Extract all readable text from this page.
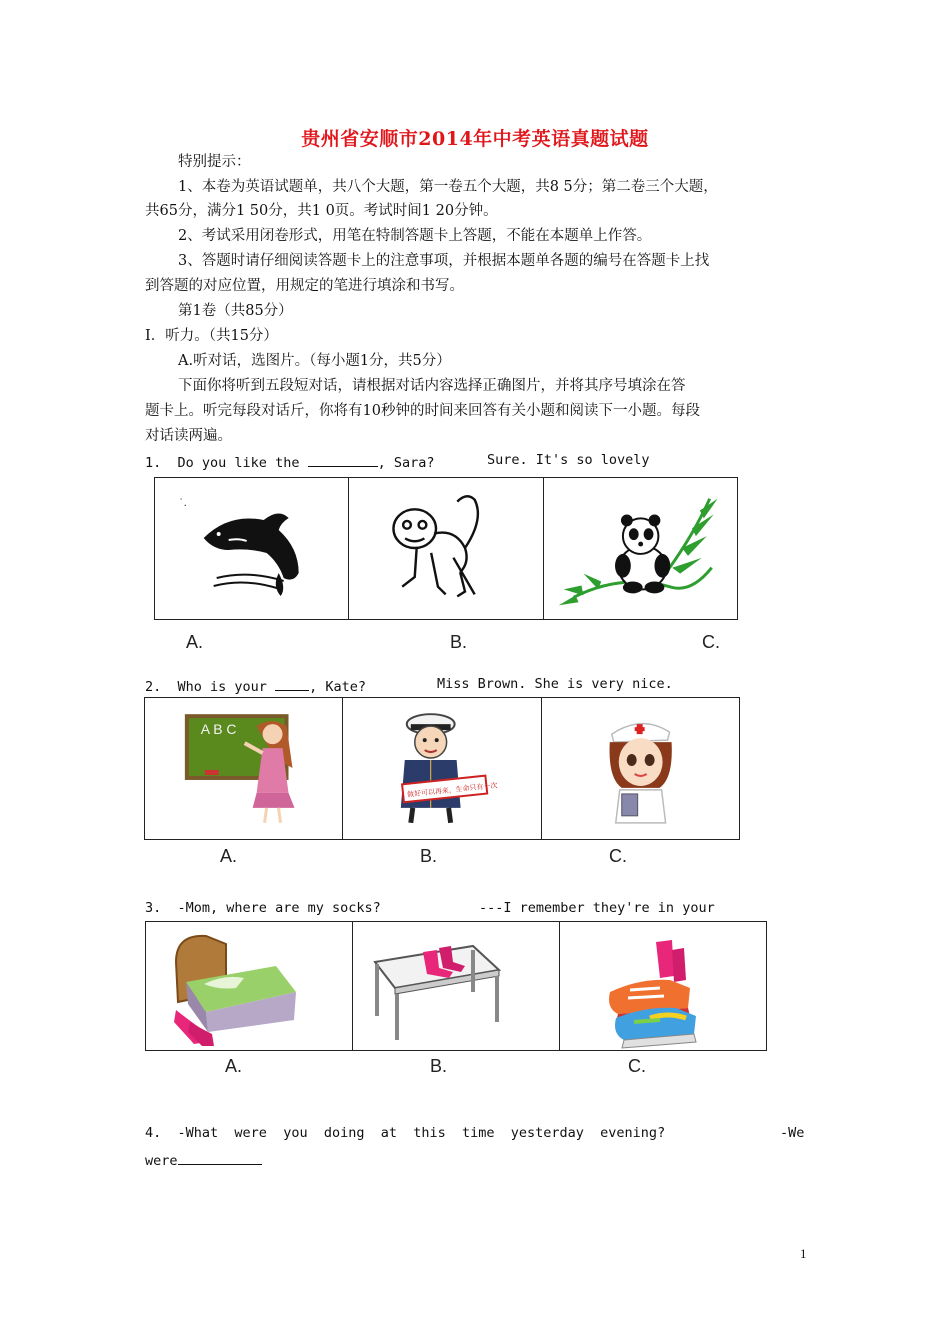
贵州省安顺市2014年中考英语真题试题
特别提示：
1、本卷为英语试题单，共八个大题，第一卷五个大题，共8 5分；第二卷三个大题，
共65分，满分1 50分，共1 0页。考试时间1 20分钟。
2、考试采用闭卷形式，用笔在特制答题卡上答题，不能在本题单上作答。
3、答题时请仔细阅读答题卡上的注意事项，并根据本题单各题的编号在答题卡上找
到答题的对应位置，用规定的笔进行填涂和书写。
第1卷（共85分）
I．听力。（共15分）
A.听对话，选图片。（每小题1分，共5分）
下面你将听到五段短对话，请根据对话内容选择正确图片，并将其序号填涂在答
题卡上。听完每段对话斤，你将有10秒钟的时间来回答有关小题和阅读下一小题。每段
对话读两遍。
1. Do you like the	, Sara?	Sure. It's so lovely
˙.
A.	B.	C.
2. Who is your	, Kate?	Miss Brown. She is very nice.
A B C
做好可以再来，生命只有一次
A.	B.	C.
3. -Mom, where are my socks?	---I remember they're in your
A.	B.	C.
4. -What  were  you  doing  at  this  time  yesterday  evening?	-We
were
1
